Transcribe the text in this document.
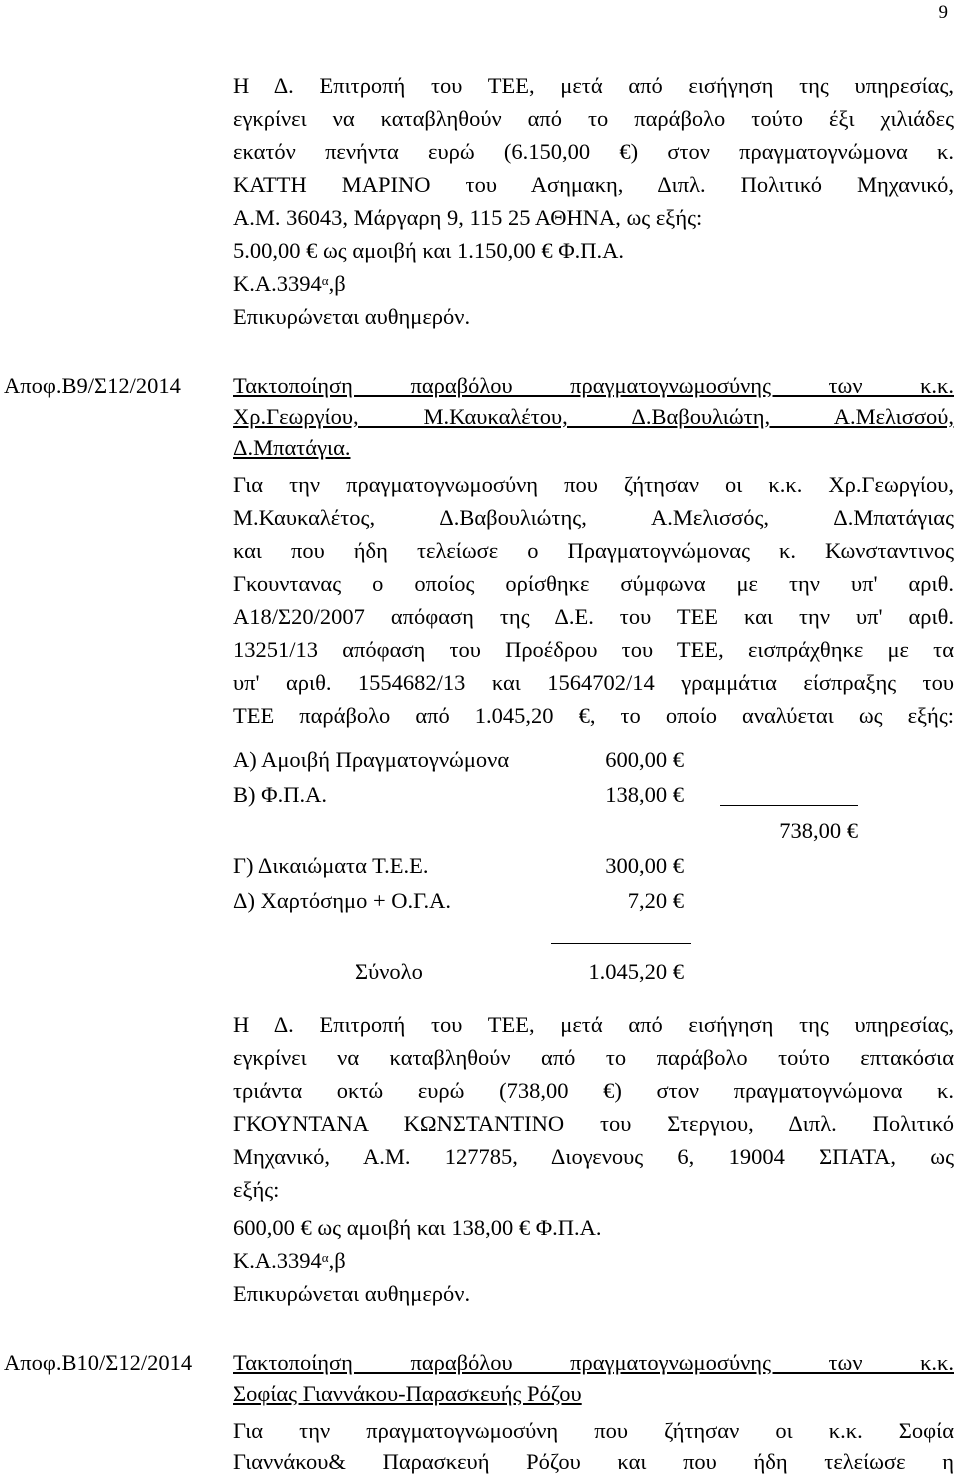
9
Η Δ. Επιτροπή του ΤΕΕ, μετά από εισήγηση της υπηρεσίας,
εγκρίνει να καταβληθούν από το παράβολο τούτο έξι χιλιάδες
εκατόν πενήντα ευρώ (6.150,00 €) στον πραγματογνώμονα κ.
ΚΑΤΤΗ ΜΑΡΙΝΟ του Ασημακη, Διπλ. Πολιτικό Μηχανικό,
Α.Μ. 36043, Μάργαρη 9, 115 25 ΑΘΗΝΑ, ως εξής:
5.00,00 € ως αμοιβή και 1.150,00 € Φ.Π.Α.
$K.A.3394^\alpha,\beta$
Επικυρώνεται αυθημερόν.
Αποφ.Β9/Σ12/2014 Τακτοποίηση παραβόλου πραγματογνωμοσύνης των κ.κ.
Χρ.Γεωργίου, Μ.Καυκαλέτου, Δ.Βαβουλιώτη, Α.Μελισσού,
Δ.Μπατάγια.
Για την πραγματογνωμοσύνη που ζήτησαν οι κ.κ. Χρ.Γεωργίου,
Μ.Καυκαλέτος, Δ.Βαβουλιώτης, Α.Μελισσός, Δ.Μπατάγιας
και που ήδη τελείωσε ο Πραγματογνώμονας κ. Κωνσταντινος
Γκουντανας ο οποίος ορίσθηκε σύμφωνα με την υπ' αριθ.
Α18/Σ20/2007 απόφαση της Δ.Ε. του ΤΕΕ και την υπ' αριθ.
13251/13 απόφαση του Προέδρου του ΤΕΕ, εισπράχθηκε με τα
υπ' αριθ. 1554682/13 και 1564702/14 γραμμάτια είσπραξης του
ΤΕΕ παράβολο από 1.045,20 €, το οποίο αναλύεται ως εξής:
Α) Αμοιβή Πραγματογνώμονα	600,00 €
Β) Φ.Π.Α.	138,00 €
738,00 €
Γ) Δικαιώματα Τ.Ε.Ε.	300,00 €
Δ) Χαρτόσημο + Ο.Γ.Α.	7,20 €
Σύνολο	1.045,20 €
Η Δ. Επιτροπή του ΤΕΕ, μετά από εισήγηση της υπηρεσίας,
εγκρίνει να καταβληθούν από το παράβολο τούτο επτακόσια
τριάντα οκτώ ευρώ (738,00 €) στον πραγματογνώμονα κ.
ΓΚΟΥΝΤΑΝΑ ΚΩΝΣΤΑΝΤΙΝΟ του Στεργιου, Διπλ. Πολιτικό
Μηχανικό, Α.Μ. 127785, Διογενους 6, 19004 ΣΠΑΤΑ, ως
εξής:
600,00 € ως αμοιβή και 138,00 € Φ.Π.Α.
$K.A.3394^\alpha,\beta$
Επικυρώνεται αυθημερόν.
Αποφ.Β10/Σ12/2014 Τακτοποίηση παραβόλου πραγματογνωμοσύνης των κ.κ.
Σοφίας Γιαννάκου-Παρασκευής Ρόζου
Για την πραγματογνωμοσύνη που ζήτησαν οι κ.κ. Σοφία
Γιαννάκου& Παρασκευή Ρόζου και που ήδη τελείωσε η
